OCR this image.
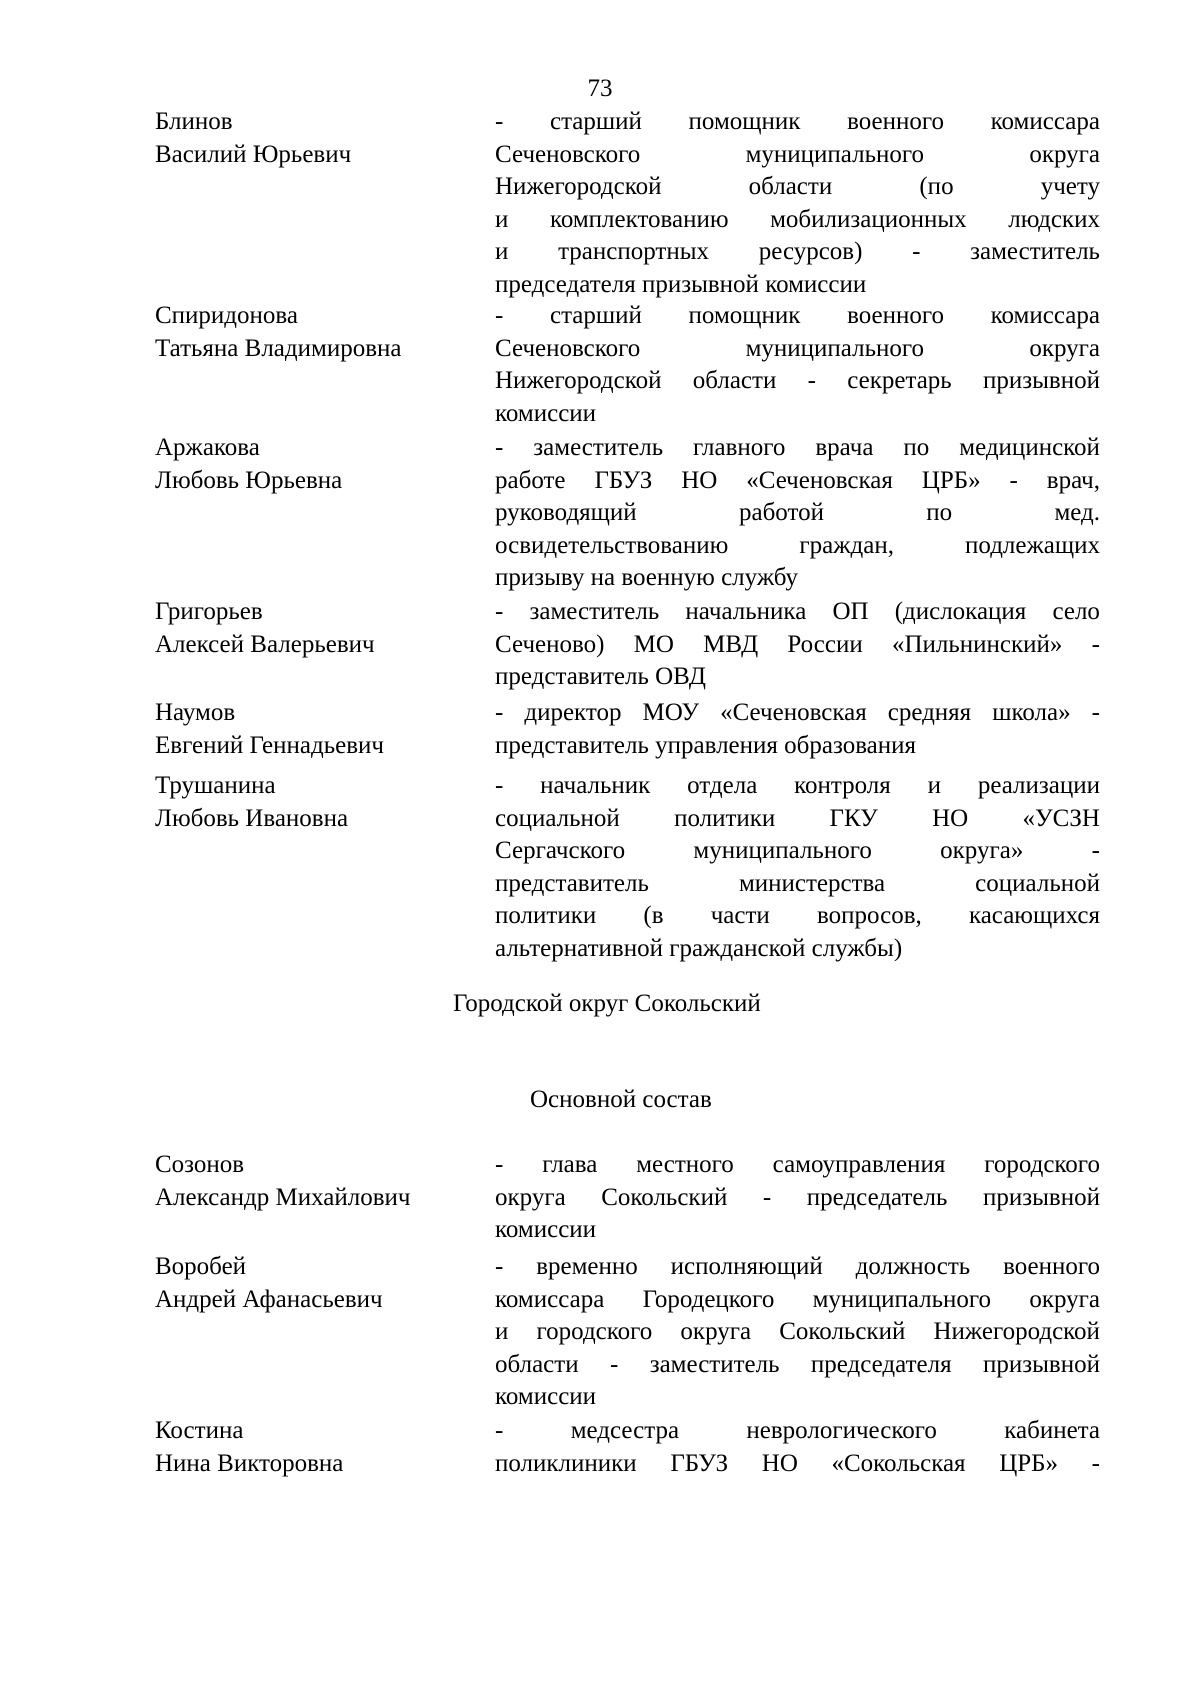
73
Блинов
Василий Юрьевич
- старший помощник военного комиссара
Сеченовского	муниципального	округа
Нижегородской	области	(по	учету
и комплектованию мобилизационных людских
и транспортных ресурсов) - заместитель
председателя призывной комиссии
Спиридонова
Татьяна Владимировна
- старший помощник военного комиссара
Сеченовского	муниципального	округа
Нижегородской области - секретарь призывной
комиссии
Аржакова
Любовь Юрьевна
- заместитель главного врача по медицинской
работе ГБУЗ НО «Сеченовская ЦРБ» - врач,
руководящий	работой	по	мед.
освидетельствованию	граждан,	подлежащих
призыву на военную службу
Григорьев
Алексей Валерьевич
- заместитель начальника ОП (дислокация село
Сеченово) МО МВД России «Пильнинский» -
представитель ОВД
Наумов
Евгений Геннадьевич
- директор МОУ «Сеченовская средняя школа» -
представитель управления образования
Трушанина
Любовь Ивановна
- начальник отдела контроля и реализации
социальной политики ГКУ НО «УСЗН
Сергачского	муниципального	округа»	-
представитель	министерства	социальной
политики (в части вопросов, касающихся
альтернативной гражданской службы)
Городской округ Сокольский
Основной состав
Созонов
Александр Михайлович
- глава местного самоуправления городского
округа Сокольский - председатель призывной
комиссии
Воробей
Андрей Афанасьевич
- временно исполняющий должность военного
комиссара Городецкого муниципального округа
и городского округа Сокольский Нижегородской
области - заместитель председателя призывной
комиссии
Костина
Нина Викторовна
-	медсестра	неврологического	кабинета
поликлиники ГБУЗ НО «Сокольская ЦРБ» -
